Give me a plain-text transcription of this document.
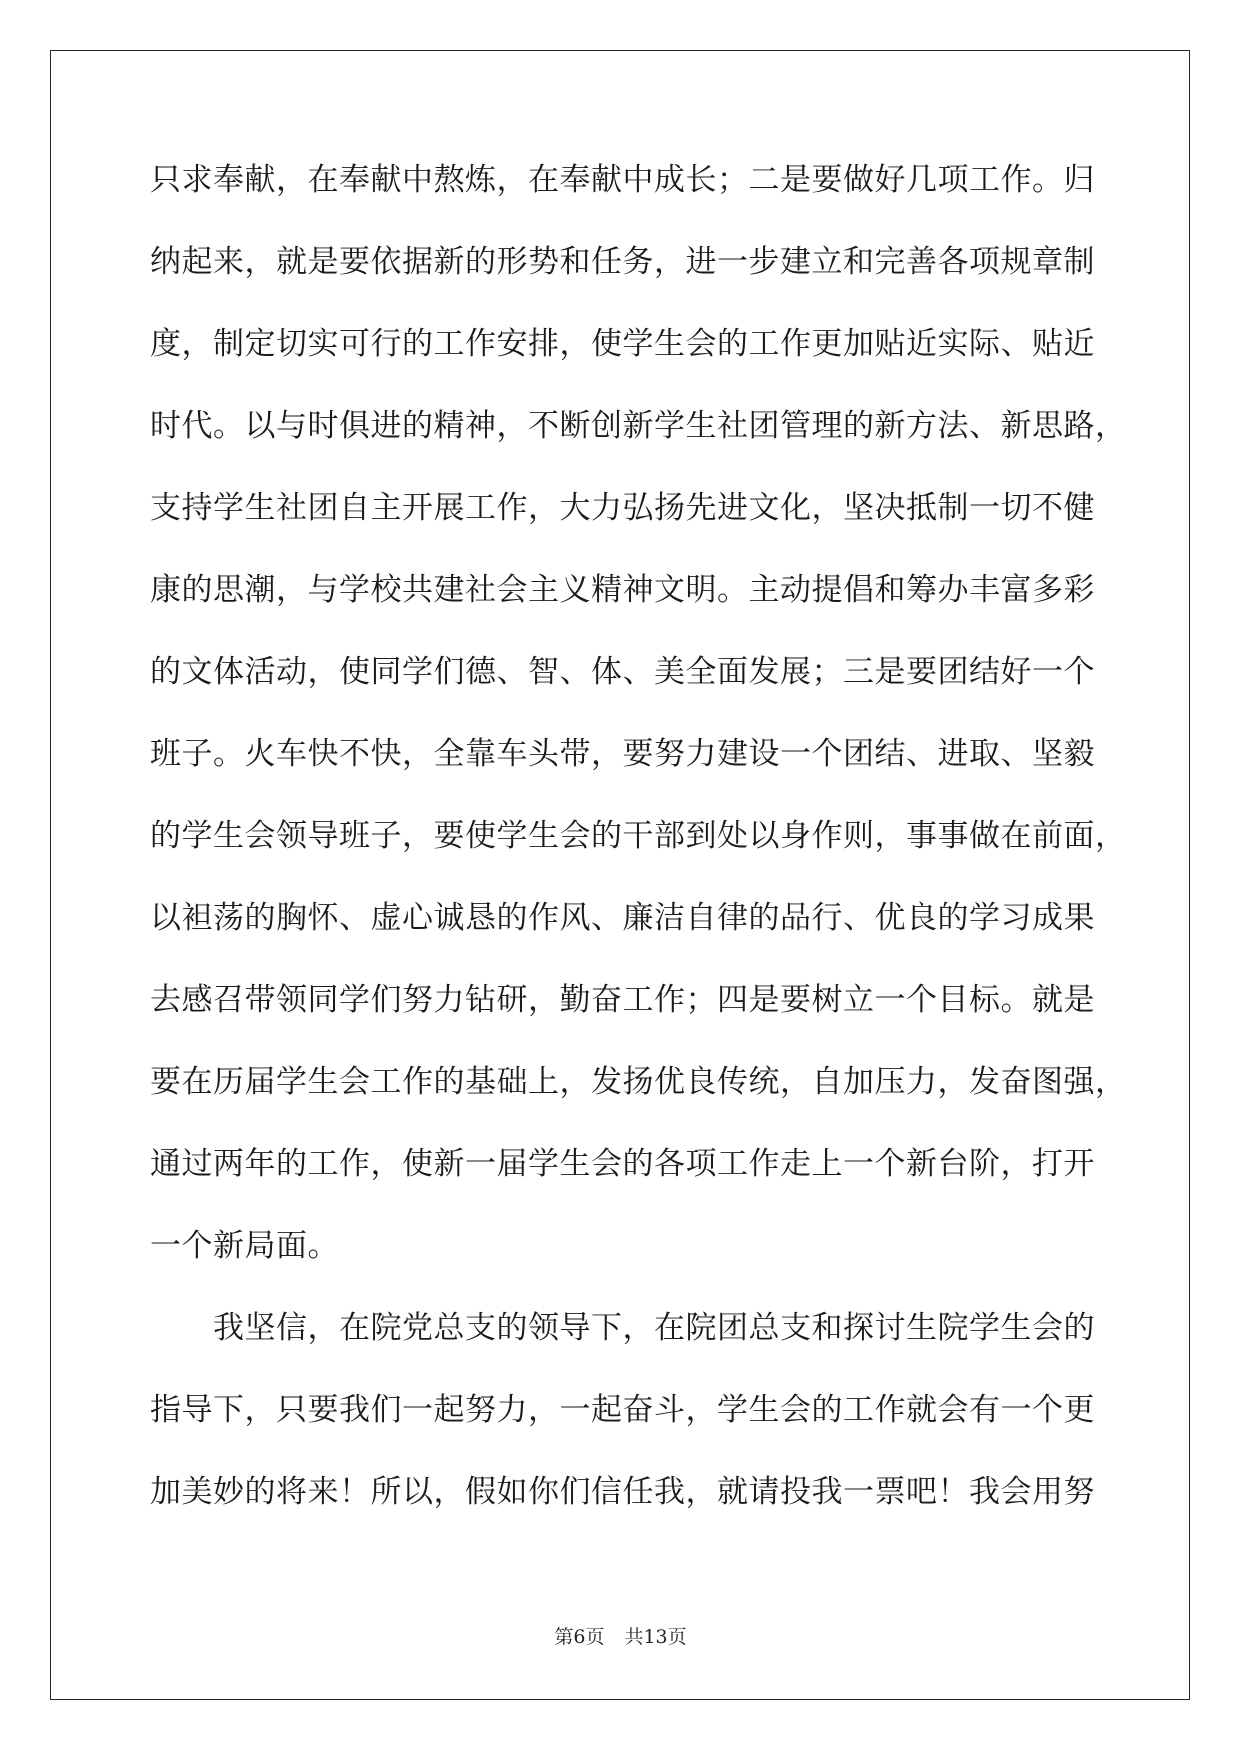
只求奉献，在奉献中熬炼，在奉献中成长；二是要做好几项工作。归
纳起来，就是要依据新的形势和任务，进一步建立和完善各项规章制
度，制定切实可行的工作安排，使学生会的工作更加贴近实际、贴近
时代。以与时俱进的精神，不断创新学生社团管理的新方法、新思路，
支持学生社团自主开展工作，大力弘扬先进文化，坚决抵制一切不健
康的思潮，与学校共建社会主义精神文明。主动提倡和筹办丰富多彩
的文体活动，使同学们德、智、体、美全面发展；三是要团结好一个
班子。火车快不快，全靠车头带，要努力建设一个团结、进取、坚毅
的学生会领导班子，要使学生会的干部到处以身作则，事事做在前面，
以袒荡的胸怀、虚心诚恳的作风、廉洁自律的品行、优良的学习成果
去感召带领同学们努力钻研，勤奋工作；四是要树立一个目标。就是
要在历届学生会工作的基础上，发扬优良传统，自加压力，发奋图强，
通过两年的工作，使新一届学生会的各项工作走上一个新台阶，打开
一个新局面。
　　我坚信，在院党总支的领导下，在院团总支和探讨生院学生会的
指导下，只要我们一起努力，一起奋斗，学生会的工作就会有一个更
加美妙的将来！所以，假如你们信任我，就请投我一票吧！我会用努
第6页 共13页
